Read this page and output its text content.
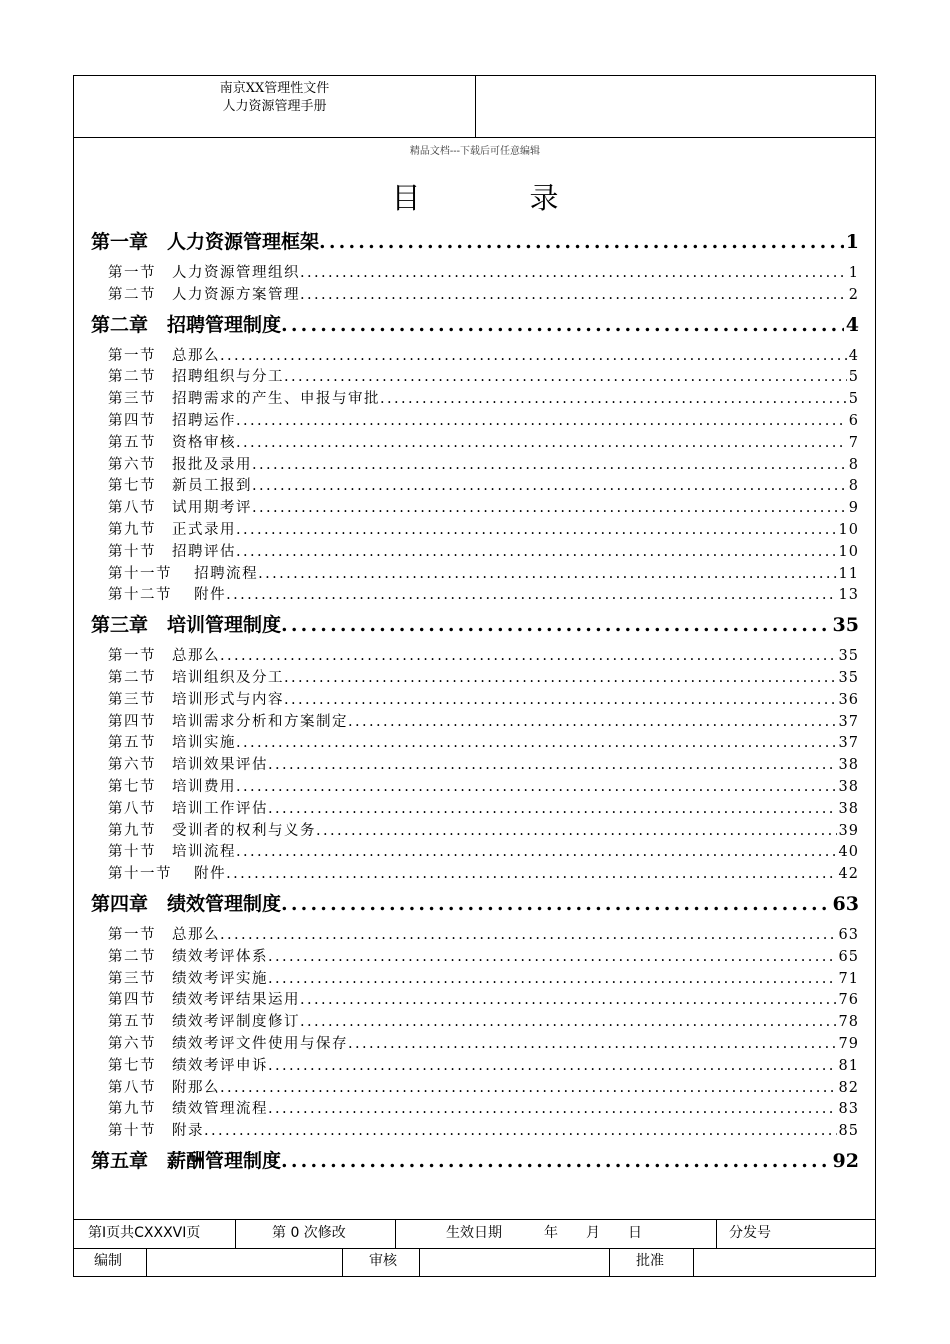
南京XX管理性文件
人力资源管理手册
精品文档---下载后可任意编辑
目　录
第一章　人力资源管理框架 .....	1
第一节　人力资源管理组织 .....	1
第二节　人力资源方案管理 .....	2
第二章　招聘管理制度 .....	4
第一节　总那么 .....	4
第二节　招聘组织与分工 .....	5
第三节　招聘需求的产生、申报与审批 .....	5
第四节　招聘运作 .....	6
第五节　资格审核 .....	7
第六节　报批及录用 .....	8
第七节　新员工报到 .....	8
第八节　试用期考评 .....	9
第九节　正式录用 .....	10
第十节　招聘评估 .....	10
第十一节　 招聘流程 .....	11
第十二节　 附件 .....	13
第三章　培训管理制度 .....	35
第一节　总那么 .....	35
第二节　培训组织及分工 .....	35
第三节　培训形式与内容 .....	36
第四节　培训需求分析和方案制定 .....	37
第五节　培训实施 .....	37
第六节　培训效果评估 .....	38
第七节　培训费用 .....	38
第八节　培训工作评估 .....	38
第九节　受训者的权利与义务 .....	39
第十节　培训流程 .....	40
第十一节　 附件 .....	42
第四章　绩效管理制度 .....	63
第一节　总那么 .....	63
第二节　绩效考评体系 .....	65
第三节　绩效考评实施 .....	71
第四节　绩效考评结果运用 .....	76
第五节　绩效考评制度修订 .....	78
第六节　绩效考评文件使用与保存 .....	79
第七节　绩效考评申诉 .....	81
第八节　附那么 .....	82
第九节　绩效管理流程 .....	83
第十节　附录 .....	85
第五章　薪酬管理制度 .....	92
第I页共CXXXVI页	第 0 次修改	生效日期　　　年　　月　　日	分发号
编制	审核	批准
